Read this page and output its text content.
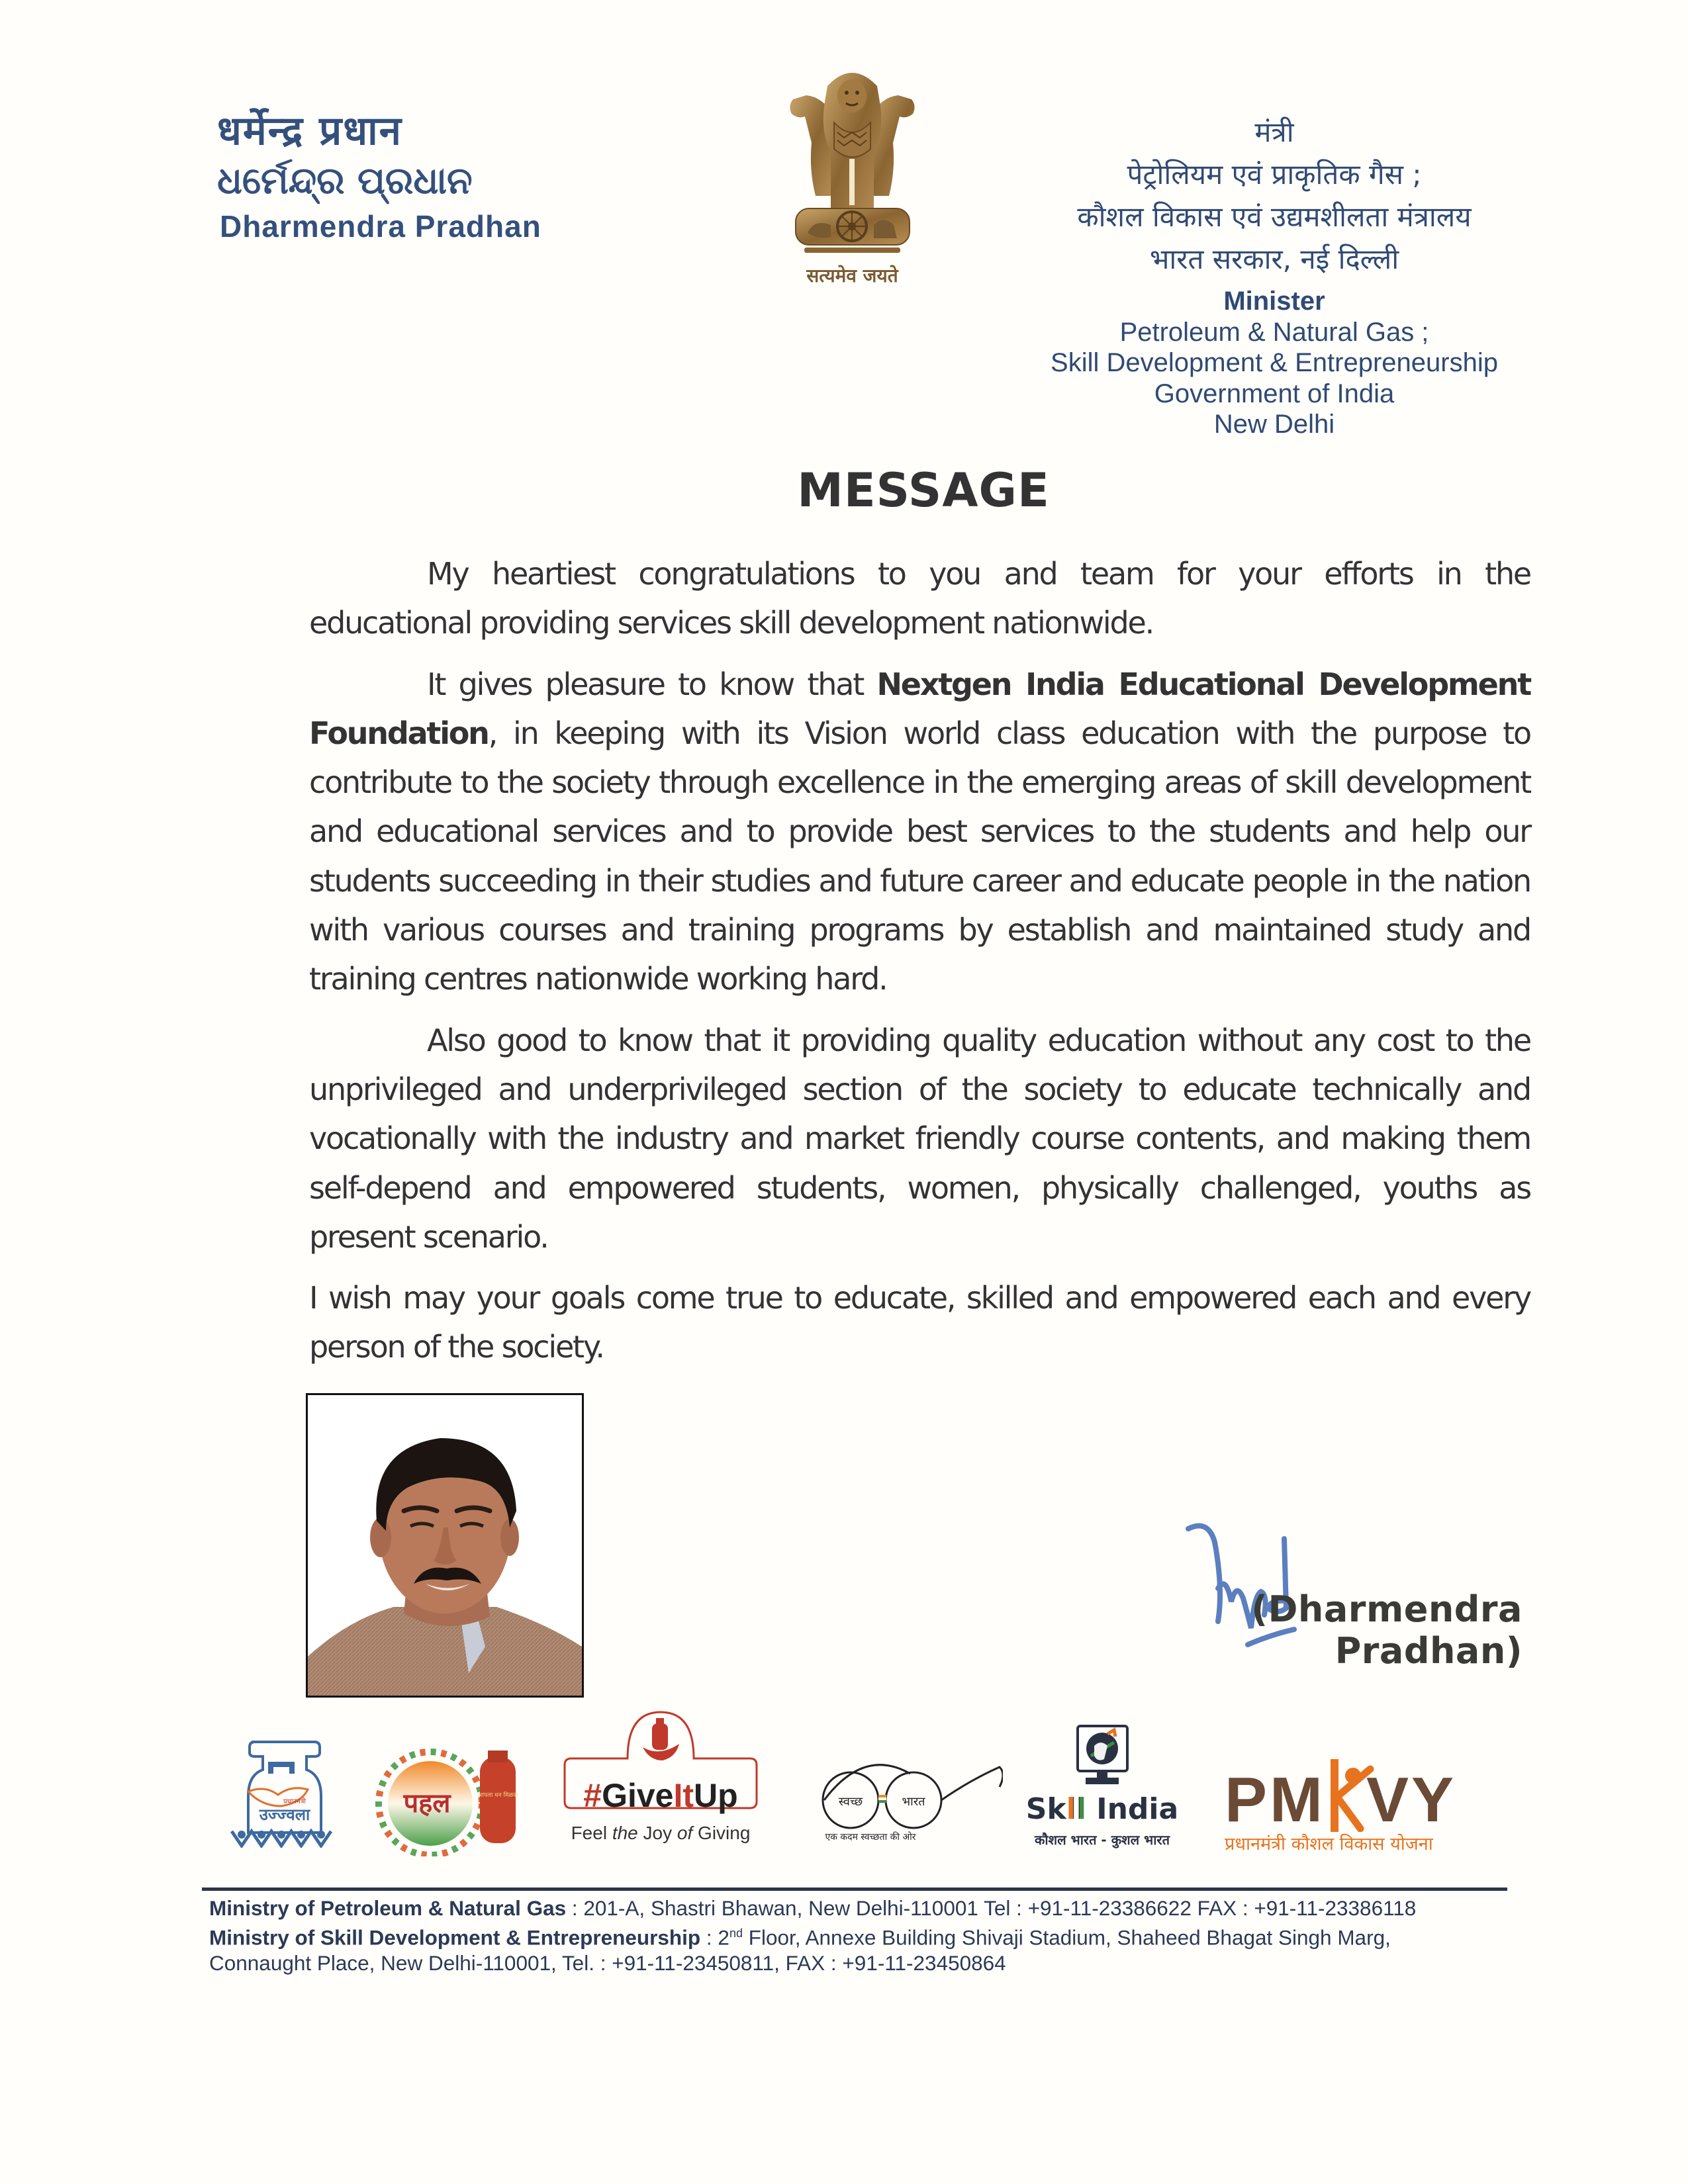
धर्मेन्द्र प्रधान
ଧର୍ମେନ୍ଦ୍ର ପ୍ରଧାନ
Dharmendra Pradhan
सत्यमेव जयते
मंत्री
पेट्रोलियम एवं प्राकृतिक गैस ;
कौशल विकास एवं उद्यमशीलता मंत्रालय
भारत सरकार, नई दिल्ली
Minister
Petroleum & Natural Gas ;
Skill Development & Entrepreneurship
Government of India
New Delhi
MESSAGE

My heartiest congratulations to you and team for your efforts in the educational providing services skill development nationwide.

It gives pleasure to know that Nextgen India Educational Development Foundation, in keeping with its Vision world class education with the purpose to contribute to the society through excellence in the emerging areas of skill development and educational services and to provide best services to the students and help our students succeeding in their studies and future career and educate people in the nation with various courses and training programs by establish and maintained study and training centres nationwide working hard.

Also good to know that it providing quality education without any cost to the unprivileged and underprivileged section of the society to educate technically and vocationally with the industry and market friendly course contents, and making them self-depend and empowered students, women, physically challenged, youths as present scenario.

I wish may your goals come true to educate, skilled and empowered each and every person of the society.

(Dharmendra Pradhan)
उज्ज्वला
प्रधानमंत्री	पहल	आपला धन मिळवा	#GiveItUp
Feel the Joy of Giving
स्वच्छ	भारत
एक कदम स्वच्छता की ओर
Skll India
कौशल भारत - कुशल भारत
PM VY
प्रधानमंत्री कौशल विकास योजना
Ministry of Petroleum & Natural Gas : 201-A, Shastri Bhawan, New Delhi-110001 Tel : +91-11-23386622 FAX : +91-11-23386118
Ministry of Skill Development & Entrepreneurship : 2nd Floor, Annexe Building Shivaji Stadium, Shaheed Bhagat Singh Marg,
Connaught Place, New Delhi-110001, Tel. : +91-11-23450811, FAX : +91-11-23450864
